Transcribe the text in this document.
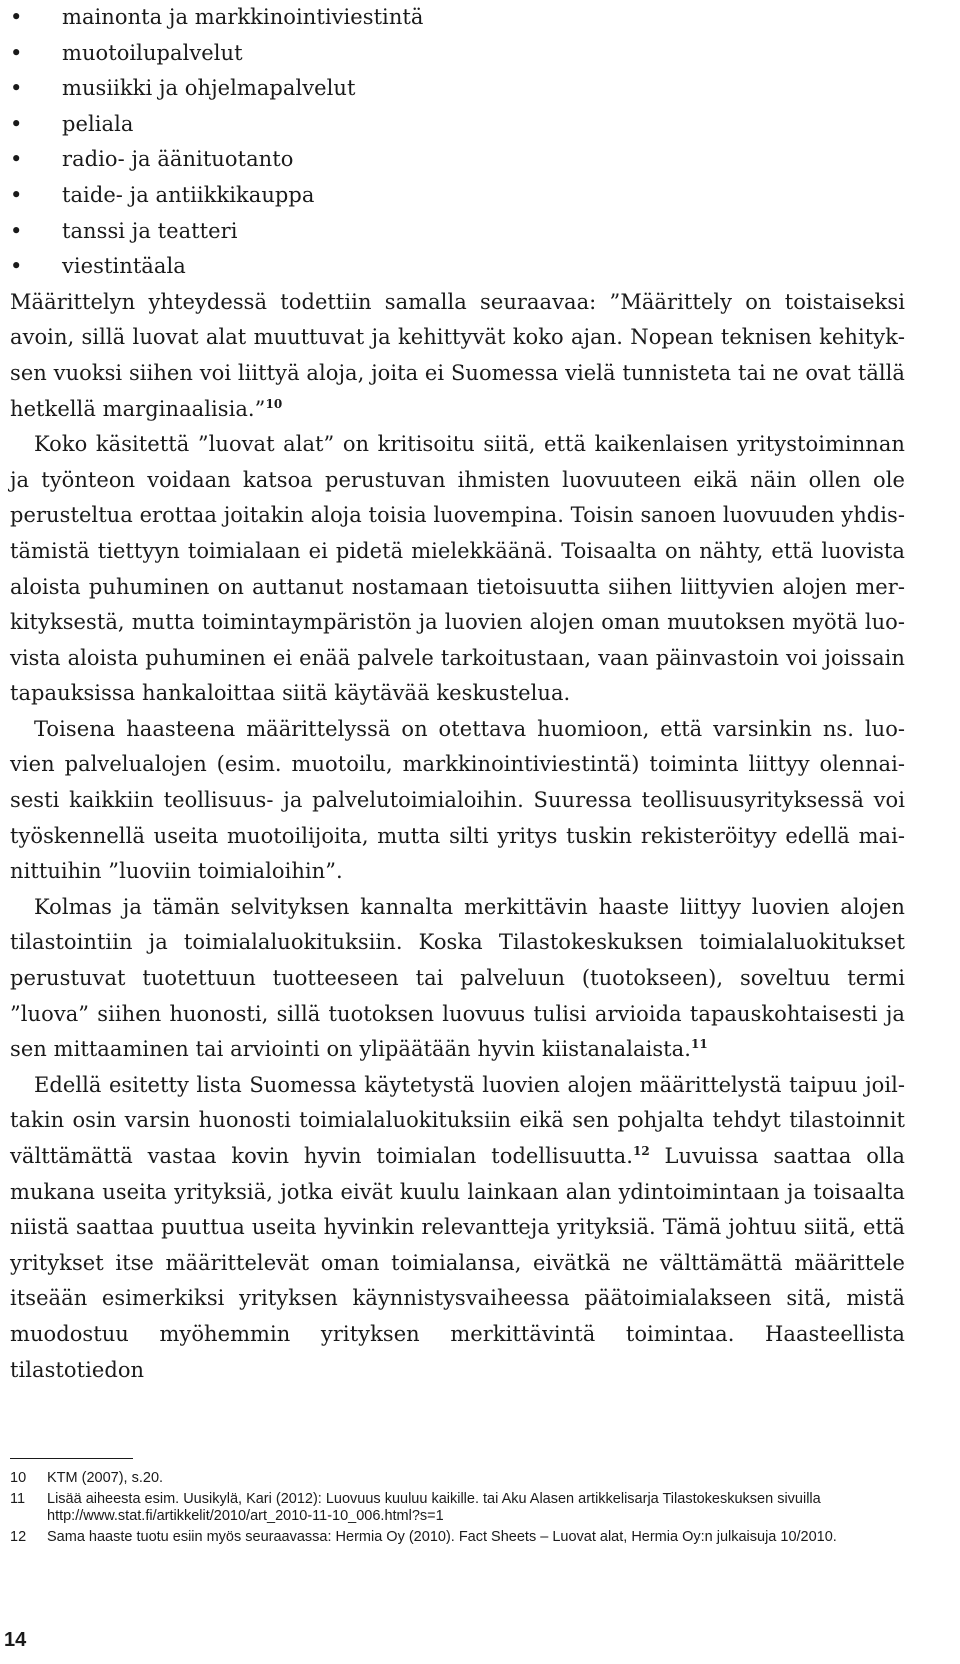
•	mainonta ja markkinointiviestintä
•	muotoilupalvelut
•	musiikki ja ohjelmapalvelut
•	peliala
•	radio- ja äänituotanto
•	taide- ja antiikkikauppa
•	tanssi ja teatteri
•	viestintäala

Määrittelyn yhteydessä todettiin samalla seuraavaa: ”Määrittely on toistaiseksi avoin, sillä luovat alat muuttuvat ja kehittyvät koko ajan. Nopean teknisen kehityksen vuoksi siihen voi liittyä aloja, joita ei Suomessa vielä tunnisteta tai ne ovat tällä hetkellä marginaalisia.”$^{10}$

Koko käsitettä ”luovat alat” on kritisoitu siitä, että kaikenlaisen yritystoiminnan ja työnteon voidaan katsoa perustuvan ihmisten luovuuteen eikä näin ollen ole perusteltua erottaa joitakin aloja toisia luovempina. Toisin sanoen luovuuden yhdistämistä tiettyyn toimialaan ei pidetä mielekkäänä. Toisaalta on nähty, että luovista aloista puhuminen on auttanut nostamaan tietoisuutta siihen liittyvien alojen merkityksestä, mutta toimintaympäristön ja luovien alojen oman muutoksen myötä luovista aloista puhuminen ei enää palvele tarkoitustaan, vaan päinvastoin voi joissain tapauksissa hankaloittaa siitä käytävää keskustelua.

Toisena haasteena määrittelyssä on otettava huomioon, että varsinkin ns. luovien palvelualojen (esim. muotoilu, markkinointiviestintä) toiminta liittyy olennaisesti kaikkiin teollisuus- ja palvelutoimialoihin. Suuressa teollisuusyrityksessä voi työskennellä useita muotoilijoita, mutta silti yritys tuskin rekisteröityy edellä mainittuihin ”luoviin toimialoihin”.

Kolmas ja tämän selvityksen kannalta merkittävin haaste liittyy luovien alojen tilastointiin ja toimialaluokituksiin. Koska Tilastokeskuksen toimialaluokitukset perustuvat tuotettuun tuotteeseen tai palveluun (tuotokseen), soveltuu termi ”luova” siihen huonosti, sillä tuotoksen luovuus tulisi arvioida tapauskohtaisesti ja sen mittaaminen tai arviointi on ylipäätään hyvin kiistanalaista.$^{11}$

Edellä esitetty lista Suomessa käytetystä luovien alojen määrittelystä taipuu joiltakin osin varsin huonosti toimialaluokituksiin eikä sen pohjalta tehdyt tilastoinnit välttämättä vastaa kovin hyvin toimialan todellisuutta.$^{12}$ Luvuissa saattaa olla mukana useita yrityksiä, jotka eivät kuulu lainkaan alan ydintoimintaan ja toisaalta niistä saattaa puuttua useita hyvinkin relevantteja yrityksiä. Tämä johtuu siitä, että yritykset itse määrittelevät oman toimialansa, eivätkä ne välttämättä määrittele itseään esimerkiksi yrityksen käynnistysvaiheessa päätoimialakseen sitä, mistä muodostuu myöhemmin yrityksen merkittävintä toimintaa. Haasteellista tilastotiedon

10	KTM (2007), s.20.
11	Lisää aiheesta esim. Uusikylä, Kari (2012): Luovuus kuuluu kaikille. tai Aku Alasen artikkelisarja Tilastokeskuksen sivuilla http://www.stat.fi/artikkelit/2010/art_2010-11-10_006.html?s=1
12	Sama haaste tuotu esiin myös seuraavassa: Hermia Oy (2010). Fact Sheets – Luovat alat, Hermia Oy:n julkaisuja 10/2010.
14
